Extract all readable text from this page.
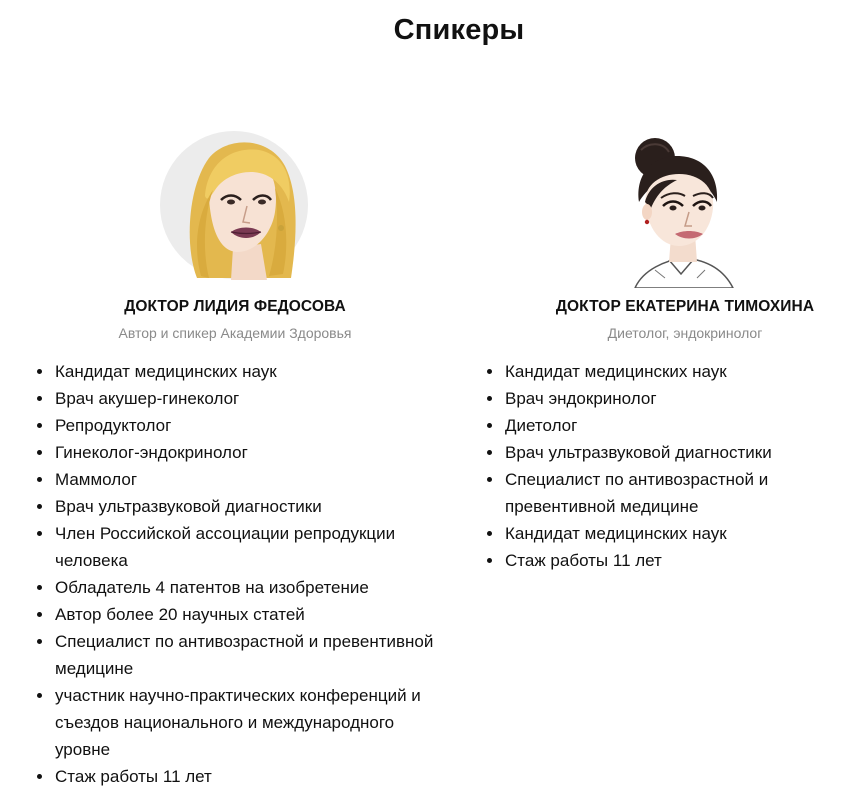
Спикеры
ДОКТОР ЛИДИЯ ФЕДОСОВА

Автор и спикер Академии Здоровья

Кандидат медицинских наук
Врач акушер-гинеколог
Репродуктолог
Гинеколог-эндокринолог
Маммолог
Врач ультразвуковой диагностики
Член Российской ассоциации репродукции человека
Обладатель 4 патентов на изобретение
Автор более 20 научных статей
Специалист по антивозрастной и превентивной медицине
участник научно-практических конференций и съездов национального и международного уровне
Стаж работы 11 лет
ДОКТОР ЕКАТЕРИНА ТИМОХИНА

Диетолог, эндокринолог

Кандидат медицинских наук
Врач эндокринолог
Диетолог
Врач ультразвуковой диагностики
Специалист по антивозрастной и превентивной медицине
Кандидат медицинских наук
Стаж работы 11 лет
